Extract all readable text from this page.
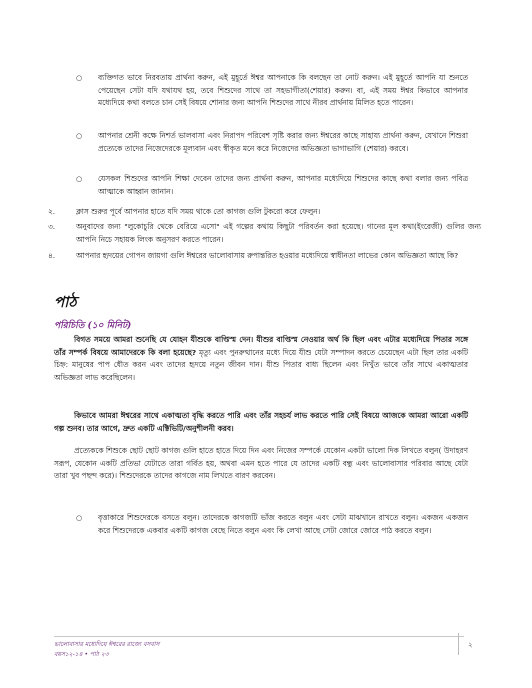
○ ব্যক্তিগত ভাবে নিরবতায় প্রার্থনা করুন, এই মুহূর্তে ঈশ্বর আপনাকে কি বলছেন তা নোট করুন। এই মুহূর্তে আপনি যা শুনতে পেয়েছেন সেটা যদি যথাযথ হয়, তবে শিশুদের সাথে তা সহভাগীতা(শেয়ার) করুন। বা, এই সময় ঈশ্বর কিভাবে আপনার মধ্যেদিয়ে কথা বলতে চান সেই বিষয়ে শোনার জন্য আপনি শিশুদের সাথে নীরব প্রার্থনায় মিলিত হতে পারেন।
○ আপনার শ্রেনী কক্ষে নিশর্ত ভালবাসা এবং নিরাপদ পরিবেশ সৃষ্টি করার জন্য ঈশ্বরের কাছে সাহায্য প্রার্থনা করুন, যেখানে শিশুরা প্রত্যেকে তাদের নিজেদেরকে মূল্যবান এবং স্বীকৃত মনে করে নিজেদের অভিজ্ঞতা ভাগাভাগি (শেয়ার) করবে।
○ যেসকল শিশুদের আপনি শিক্ষা দেবেন তাদের জন্য প্রার্থনা করুন, আপনার মধ্যেদিয়ে শিশুদের কাছে কথা বলার জন্য পবিত্র আত্মাকে আহ্বান জানান।
২.	ক্লাস শুরুর পূর্বে আপনার হাতে যদি সময় থাকে তো কাগজ গুলি টুকরো করে ফেলুন।
৩.	অনুবাদের জন্য "লুকোচুরি থেকে বেরিয়ে এসো" এই গল্পের কথায় কিছুটা পরিবর্তন করা হয়েছে। গানের মূল কথা(ইংরেজী) গুলির জন্য আপনি নিচে সহায়ক লিংক অনুসরণ করতে পারেন।
৪.	আপনার হৃদয়ের গোপন জায়গা গুলি ঈশ্বরের ভালোবাসায় রুপান্তরিত হওয়ার মধ্যেদিয়ে স্বাধীনতা লাভের কোন অভিজ্ঞতা আছে কি?
পাঠ
পরিচিতি (১০ মিনিট)
বিগত সময়ে আমরা শুনেছি যে যোহন যীশুকে বাপ্তিস্ম দেন। যীশুর বাপ্তিস্ম নেওয়ার অর্থ কি ছিল এবং এটার মধ্যেদিয়ে পিতার সঙ্গে তাঁর সম্পর্ক বিষয়ে আমাদেরকে কি বলা হয়েছে? মৃত্যু এবং পুনরুত্থানের মধ্যে দিয়ে যীশু যেটা সম্পাদন করতে চেয়েছেন এটা ছিল তার একটি চিহ্ন: মানুষের পাপ ধৌত করন এবং তাদের হৃদয়ে নতুন জীবন দান। যীশু পিতার বাধ্য ছিলেন এবং নিখুঁত ভাবে তাঁর সাথে একাত্মতার অভিজ্ঞতা লাভ করেছিলেন।
কিভাবে আমরা ঈশ্বরের সাথে একাত্মতা বৃদ্ধি করতে পারি এবং তাঁর সহচর্য লাভ করতে পারি সেই বিষয়ে আজকে আমরা আরো একটি গল্প শুনব। তার আগে, দ্রুত একটি এক্টিভিটি/অনুশীলনী করব।
প্রত্যেককে শিশুকে ছোট ছোট কাগজ গুলি হাতে হাতে দিয়ে দিন এবং নিজের সম্পর্কে যেকোন একটা ভালো দিক লিখতে বলুন( উদাহরণ সরূপ, যেকোন একটি প্রতিভা যেটাতে তারা গর্বিত হয়, অথবা এমন হতে পারে যে তাদের একটি বন্ধু এবং ভালোবাসার পরিবার আছে যেটা তারা খুব পছন্দ করে)। শিশুদেরকে তাদের কাগজে নাম লিখতে বারণ করবেন।
○ বৃত্তাকারে শিশুদেরকে বসতে বলুন। তাদেরকে কাগজটি ভাঁজ করতে বলুন এবং সেটা মাঝখানে রাখতে বলুন। একজন একজন করে শিশুদেরকে একবার একটি কাগজ বেছে নিতে বলুন এবং কি লেখা আছে সেটা জোরে জোরে পাঠ করতে বলুন।
ভালোবাসার মধ্যেদিয়ে ঈশ্বরের রাজ্যে বসবাস
বয়স১২-১৪ • পাঠ ২৩
২
